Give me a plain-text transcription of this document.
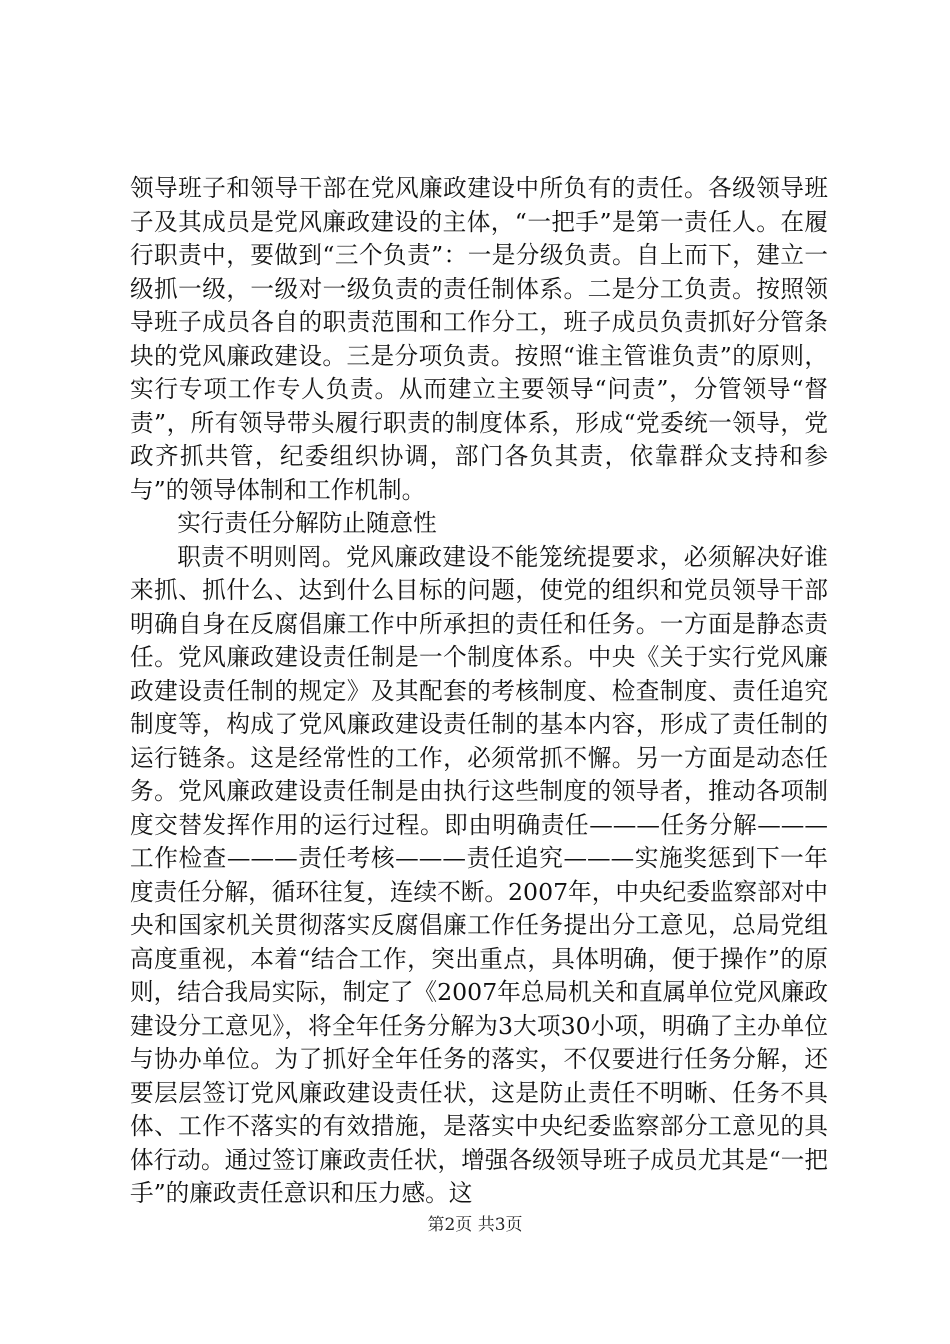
领导班子和领导干部在党风廉政建设中所负有的责任。各级领导班子及其成员是党风廉政建设的主体，“一把手”是第一责任人。在履行职责中，要做到“三个负责”：一是分级负责。自上而下，建立一级抓一级，一级对一级负责的责任制体系。二是分工负责。按照领导班子成员各自的职责范围和工作分工，班子成员负责抓好分管条块的党风廉政建设。三是分项负责。按照“谁主管谁负责”的原则，实行专项工作专人负责。从而建立主要领导“问责”，分管领导“督责”，所有领导带头履行职责的制度体系，形成“党委统一领导，党政齐抓共管，纪委组织协调，部门各负其责，依靠群众支持和参与”的领导体制和工作机制。

实行责任分解防止随意性

职责不明则罔。党风廉政建设不能笼统提要求，必须解决好谁来抓、抓什么、达到什么目标的问题，使党的组织和党员领导干部明确自身在反腐倡廉工作中所承担的责任和任务。一方面是静态责任。党风廉政建设责任制是一个制度体系。中央《关于实行党风廉政建设责任制的规定》及其配套的考核制度、检查制度、责任追究制度等，构成了党风廉政建设责任制的基本内容，形成了责任制的运行链条。这是经常性的工作，必须常抓不懈。另一方面是动态任务。党风廉政建设责任制是由执行这些制度的领导者，推动各项制度交替发挥作用的运行过程。即由明确责任———任务分解———工作检查———责任考核———责任追究———实施奖惩到下一年度责任分解，循环往复，连续不断。2007年，中央纪委监察部对中央和国家机关贯彻落实反腐倡廉工作任务提出分工意见，总局党组高度重视，本着“结合工作，突出重点，具体明确，便于操作”的原则，结合我局实际，制定了《2007年总局机关和直属单位党风廉政建设分工意见》，将全年任务分解为3大项30小项，明确了主办单位与协办单位。为了抓好全年任务的落实，不仅要进行任务分解，还要层层签订党风廉政建设责任状，这是防止责任不明晰、任务不具体、工作不落实的有效措施，是落实中央纪委监察部分工意见的具体行动。通过签订廉政责任状，增强各级领导班子成员尤其是“一把手”的廉政责任意识和压力感。这

第2页 共3页
